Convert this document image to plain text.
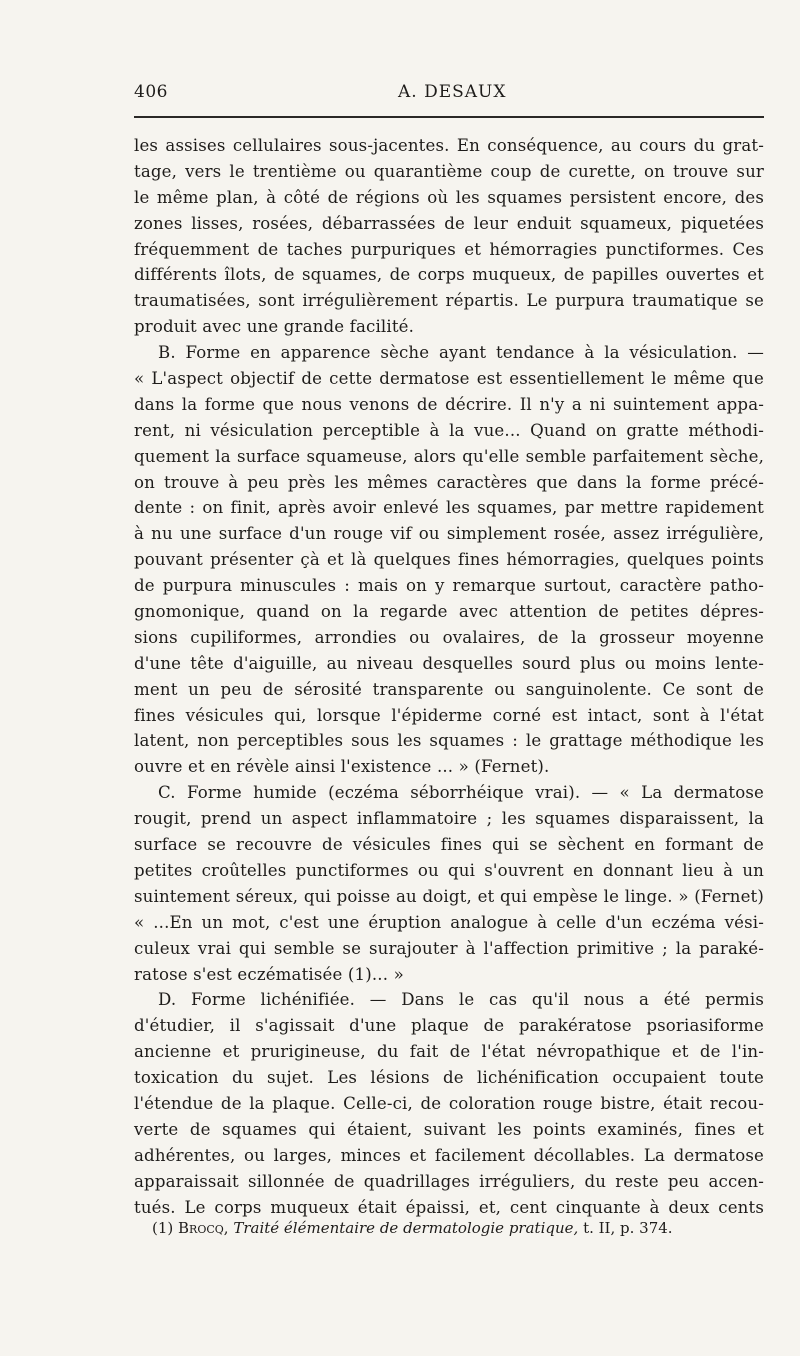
406	A. DESAUX
les assises cellulaires sous-jacentes. En conséquence, au cours du grat-
tage, vers le trentième ou quarantième coup de curette, on trouve sur
le même plan, à côté de régions où les squames persistent encore, des
zones lisses, rosées, débarrassées de leur enduit squameux, piquetées
fréquemment de taches purpuriques et hémorragies punctiformes. Ces
différents îlots, de squames, de corps muqueux, de papilles ouvertes et
traumatisées, sont irrégulièrement répartis. Le purpura traumatique se
produit avec une grande facilité.
B. Forme en apparence sèche ayant tendance à la vésiculation. —
« L'aspect objectif de cette dermatose est essentiellement le même que
dans la forme que nous venons de décrire. Il n'y a ni suintement appa-
rent, ni vésiculation perceptible à la vue... Quand on gratte méthodi-
quement la surface squameuse, alors qu'elle semble parfaitement sèche,
on trouve à peu près les mêmes caractères que dans la forme précé-
dente : on finit, après avoir enlevé les squames, par mettre rapidement
à nu une surface d'un rouge vif ou simplement rosée, assez irrégulière,
pouvant présenter çà et là quelques fines hémorragies, quelques points
de purpura minuscules : mais on y remarque surtout, caractère patho-
gnomonique, quand on la regarde avec attention de petites dépres-
sions cupiliformes, arrondies ou ovalaires, de la grosseur moyenne
d'une tête d'aiguille, au niveau desquelles sourd plus ou moins lente-
ment un peu de sérosité transparente ou sanguinolente. Ce sont de
fines vésicules qui, lorsque l'épiderme corné est intact, sont à l'état
latent, non perceptibles sous les squames : le grattage méthodique les
ouvre et en révèle ainsi l'existence ... » (Fernet).
C. Forme humide (eczéma séborrhéique vrai). — « La dermatose
rougit, prend un aspect inflammatoire ; les squames disparaissent, la
surface se recouvre de vésicules fines qui se sèchent en formant de
petites croûtelles punctiformes ou qui s'ouvrent en donnant lieu à un
suintement séreux, qui poisse au doigt, et qui empèse le linge. » (Fernet)
« ...En un mot, c'est une éruption analogue à celle d'un eczéma vési-
culeux vrai qui semble se surajouter à l'affection primitive ; la paraké-
ratose s'est eczématisée (1)... »
D. Forme lichénifiée. — Dans le cas qu'il nous a été permis
d'étudier, il s'agissait d'une plaque de parakératose psoriasiforme
ancienne et prurigineuse, du fait de l'état névropathique et de l'in-
toxication du sujet. Les lésions de lichénification occupaient toute
l'étendue de la plaque. Celle-ci, de coloration rouge bistre, était recou-
verte de squames qui étaient, suivant les points examinés, fines et
adhérentes, ou larges, minces et facilement décollables. La dermatose
apparaissait sillonnée de quadrillages irréguliers, du reste peu accen-
tués. Le corps muqueux était épaissi, et, cent cinquante à deux cents
(1) Brocq, Traité élémentaire de dermatologie pratique, t. II, p. 374.
